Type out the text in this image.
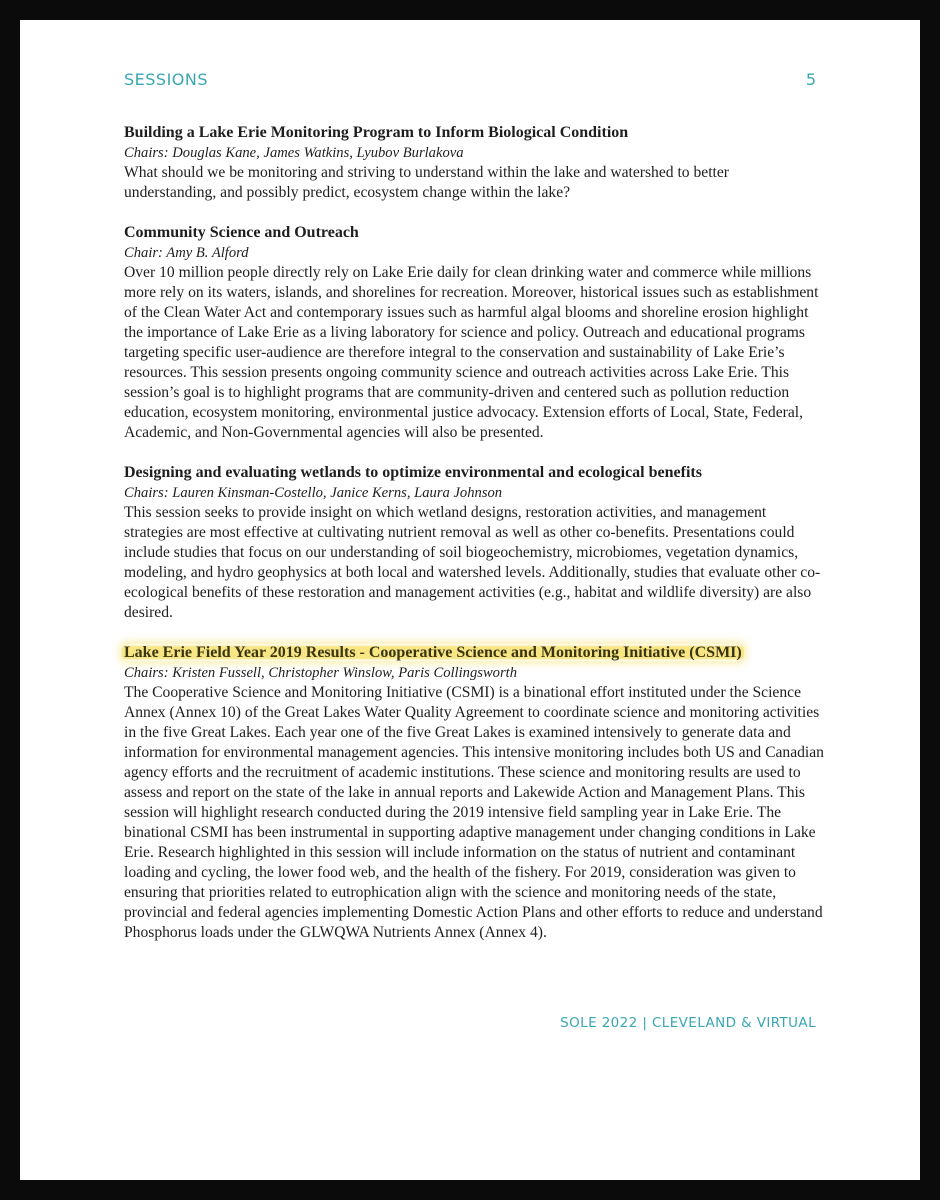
SESSIONS	5
Building a Lake Erie Monitoring Program to Inform Biological Condition
Chairs: Douglas Kane, James Watkins, Lyubov Burlakova

What should we be monitoring and striving to understand within the lake and watershed to better understanding, and possibly predict, ecosystem change within the lake?

Community Science and Outreach
Chair: Amy B. Alford

Over 10 million people directly rely on Lake Erie daily for clean drinking water and commerce while millions more rely on its waters, islands, and shorelines for recreation. Moreover, historical issues such as establishment of the Clean Water Act and contemporary issues such as harmful algal blooms and shoreline erosion highlight the importance of Lake Erie as a living laboratory for science and policy. Outreach and educational programs targeting specific user-audience are therefore integral to the conservation and sustainability of Lake Erie’s resources. This session presents ongoing community science and outreach activities across Lake Erie. This session’s goal is to highlight programs that are community-driven and centered such as pollution reduction education, ecosystem monitoring, environmental justice advocacy. Extension efforts of Local, State, Federal, Academic, and Non-Governmental agencies will also be presented.

Designing and evaluating wetlands to optimize environmental and ecological benefits
Chairs: Lauren Kinsman-Costello, Janice Kerns, Laura Johnson

This session seeks to provide insight on which wetland designs, restoration activities, and management strategies are most effective at cultivating nutrient removal as well as other co-benefits. Presentations could include studies that focus on our understanding of soil biogeochemistry, microbiomes, vegetation dynamics, modeling, and hydro geophysics at both local and watershed levels. Additionally, studies that evaluate other co-ecological benefits of these restoration and management activities (e.g., habitat and wildlife diversity) are also desired.

Lake Erie Field Year 2019 Results - Cooperative Science and Monitoring Initiative (CSMI)
Chairs: Kristen Fussell, Christopher Winslow, Paris Collingsworth

The Cooperative Science and Monitoring Initiative (CSMI) is a binational effort instituted under the Science Annex (Annex 10) of the Great Lakes Water Quality Agreement to coordinate science and monitoring activities in the five Great Lakes. Each year one of the five Great Lakes is examined intensively to generate data and information for environmental management agencies. This intensive monitoring includes both US and Canadian agency efforts and the recruitment of academic institutions. These science and monitoring results are used to assess and report on the state of the lake in annual reports and Lakewide Action and Management Plans. This session will highlight research conducted during the 2019 intensive field sampling year in Lake Erie. The binational CSMI has been instrumental in supporting adaptive management under changing conditions in Lake Erie. Research highlighted in this session will include information on the status of nutrient and contaminant loading and cycling, the lower food web, and the health of the fishery. For 2019, consideration was given to ensuring that priorities related to eutrophication align with the science and monitoring needs of the state, provincial and federal agencies implementing Domestic Action Plans and other efforts to reduce and understand Phosphorus loads under the GLWQWA Nutrients Annex (Annex 4).

SOLE 2022 | CLEVELAND & VIRTUAL
